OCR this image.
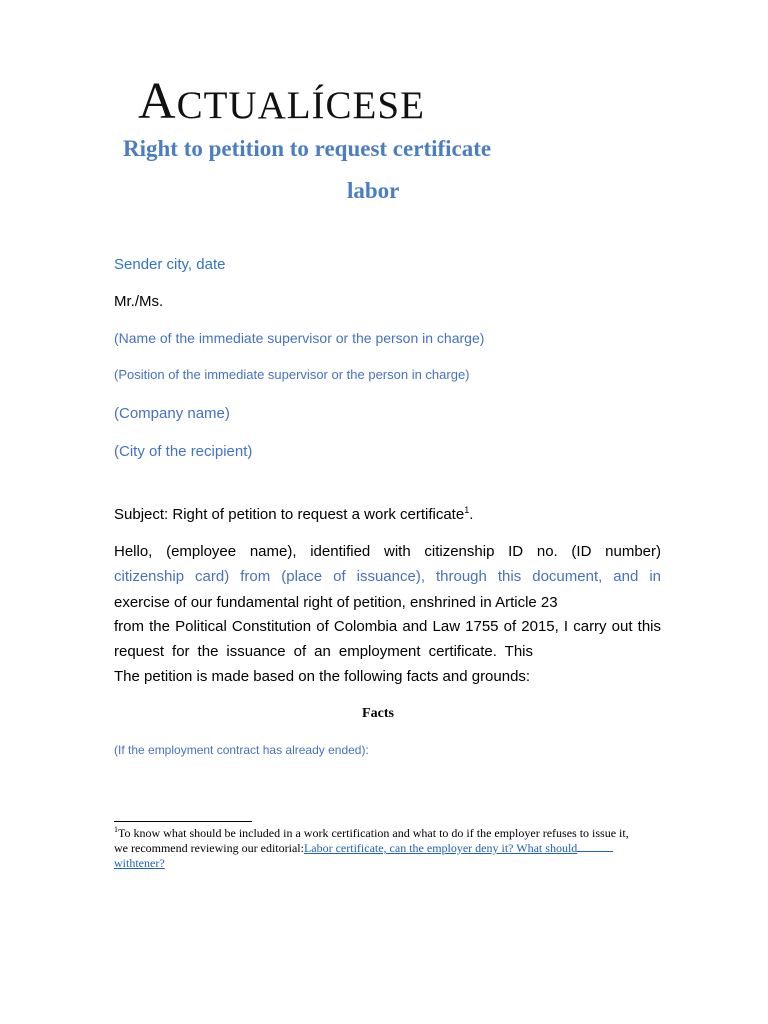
ACTUALÍCESE
Right to petition to request certificate
labor
Sender city, date
Mr./Ms.
(Name of the immediate supervisor or the person in charge)
(Position of the immediate supervisor or the person in charge)
(Company name)
(City of the recipient)
Subject: Right of petition to request a work certificate$^1$.
Hello, (employee name), identified with citizenship ID no. (ID number)
citizenship card) from (place of issuance), through this document, and in
exercise of our fundamental right of petition, enshrined in Article 23
from the Political Constitution of Colombia and Law 1755 of 2015, I carry out this
request for the issuance of an employment certificate. This
The petition is made based on the following facts and grounds:
Facts
(If the employment contract has already ended):
$^1$To know what should be included in a work certification and what to do if the employer refuses to issue it,
we recommend reviewing our editorial:Labor certificate, can the employer deny it? What should
withtener?
